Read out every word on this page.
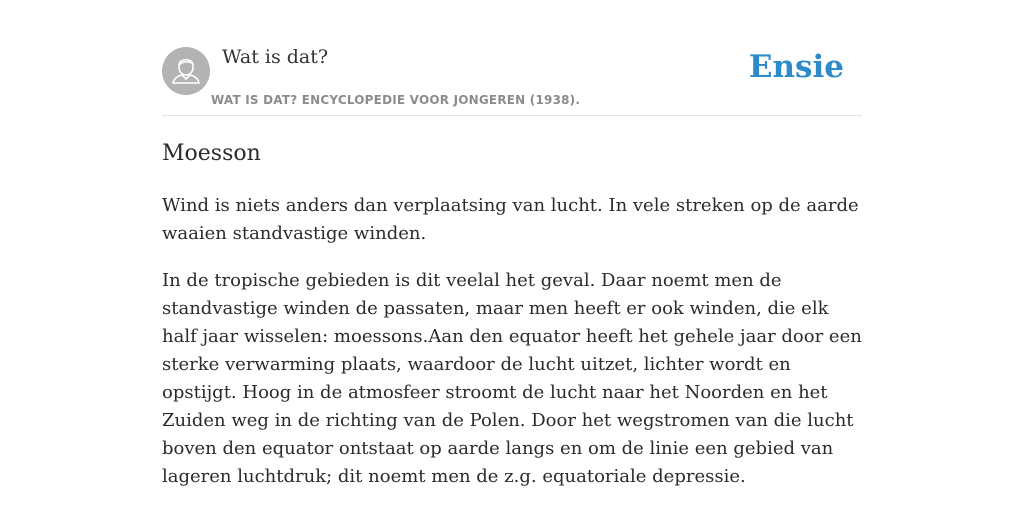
Wat is dat?
WAT IS DAT? ENCYCLOPEDIE VOOR JONGEREN (1938).
Ensie
Moesson

Wind is niets anders dan verplaatsing van lucht. In vele streken op de aarde waaien standvastige winden.

In de tropische gebieden is dit veelal het geval. Daar noemt men de standvastige winden de passaten, maar men heeft er ook winden, die elk half jaar wisselen: moessons.Aan den equator heeft het gehele jaar door een sterke verwarming plaats, waardoor de lucht uitzet, lichter wordt en opstijgt. Hoog in de atmosfeer stroomt de lucht naar het Noorden en het Zuiden weg in de richting van de Polen. Door het wegstromen van die lucht boven den equator ontstaat op aarde langs en om de linie een gebied van lageren luchtdruk; dit noemt men de z.g. equatoriale depressie.
